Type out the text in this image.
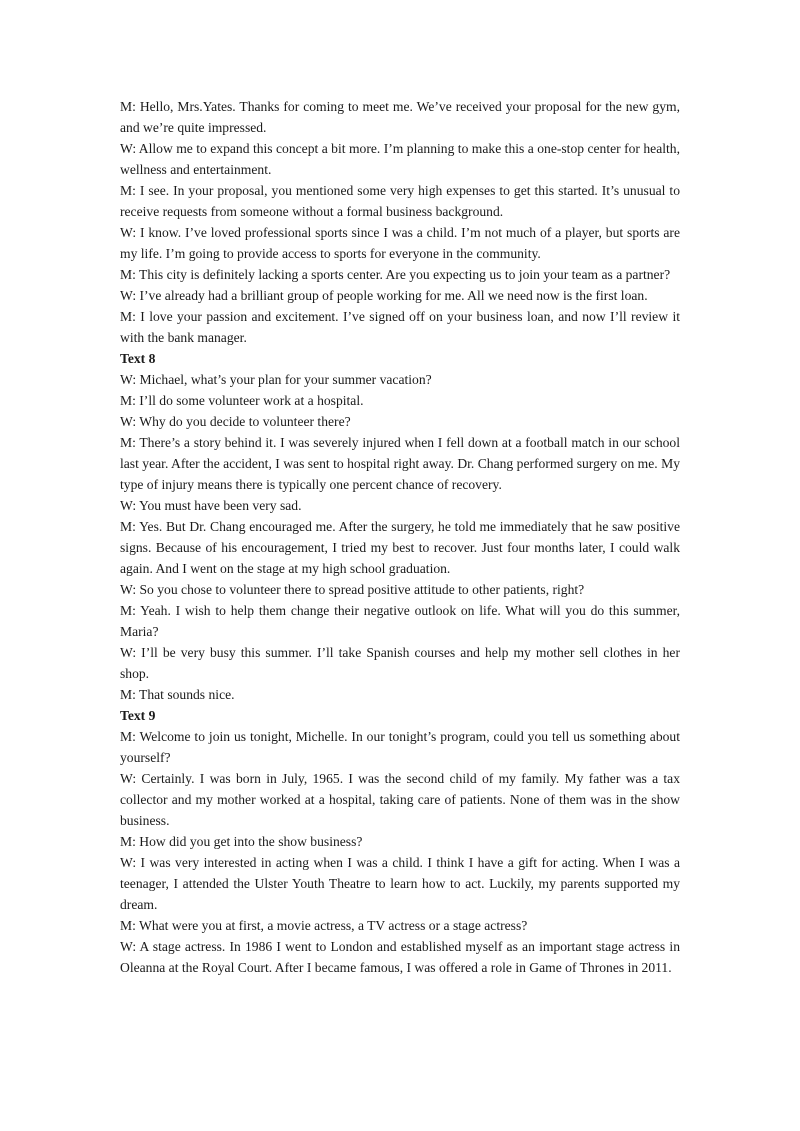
M: Hello, Mrs.Yates. Thanks for coming to meet me. We’ve received your proposal for the new gym, and we’re quite impressed.

W: Allow me to expand this concept a bit more. I’m planning to make this a one-stop center for health, wellness and entertainment.

M: I see. In your proposal, you mentioned some very high expenses to get this started. It’s unusual to receive requests from someone without a formal business background.

W: I know. I’ve loved professional sports since I was a child. I’m not much of a player, but sports are my life. I’m going to provide access to sports for everyone in the community.

M: This city is definitely lacking a sports center. Are you expecting us to join your team as a partner?

W: I’ve already had a brilliant group of people working for me. All we need now is the first loan.

M: I love your passion and excitement. I’ve signed off on your business loan, and now I’ll review it with the bank manager.

Text 8

W: Michael, what’s your plan for your summer vacation?

M: I’ll do some volunteer work at a hospital.

W: Why do you decide to volunteer there?

M: There’s a story behind it. I was severely injured when I fell down at a football match in our school last year. After the accident, I was sent to hospital right away. Dr. Chang performed surgery on me. My type of injury means there is typically one percent chance of recovery.

W: You must have been very sad.

M: Yes. But Dr. Chang encouraged me. After the surgery, he told me immediately that he saw positive signs. Because of his encouragement, I tried my best to recover. Just four months later, I could walk again. And I went on the stage at my high school graduation.

W: So you chose to volunteer there to spread positive attitude to other patients, right?

M: Yeah. I wish to help them change their negative outlook on life. What will you do this summer, Maria?

W: I’ll be very busy this summer. I’ll take Spanish courses and help my mother sell clothes in her shop.

M: That sounds nice.

Text 9

M: Welcome to join us tonight, Michelle. In our tonight’s program, could you tell us something about yourself?

W: Certainly. I was born in July, 1965. I was the second child of my family. My father was a tax collector and my mother worked at a hospital, taking care of patients. None of them was in the show business.

M: How did you get into the show business?

W: I was very interested in acting when I was a child. I think I have a gift for acting. When I was a teenager, I attended the Ulster Youth Theatre to learn how to act. Luckily, my parents supported my dream.

M: What were you at first, a movie actress, a TV actress or a stage actress?

W: A stage actress. In 1986 I went to London and established myself as an important stage actress in Oleanna at the Royal Court. After I became famous, I was offered a role in Game of Thrones in 2011.
